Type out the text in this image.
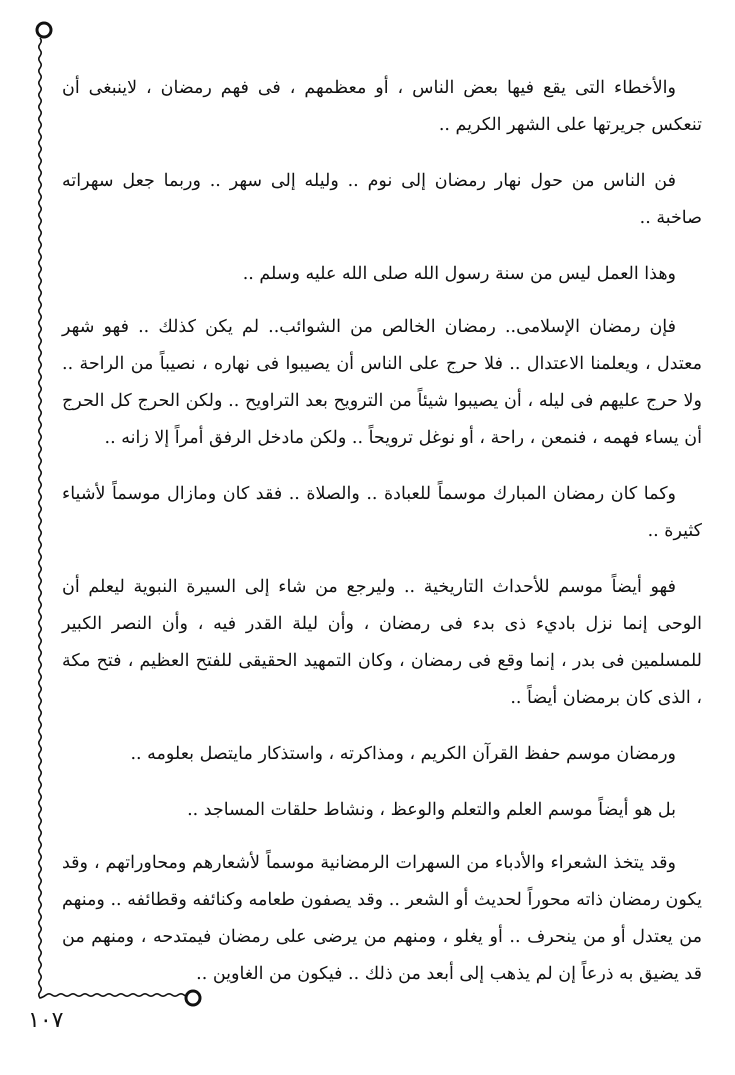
والأخطاء التى يقع فيها بعض الناس ، أو معظمهم ، فى فهم رمضان ، لاينبغى أن تنعكس جريرتها على الشهر الكريم ..

فن الناس من حول نهار رمضان إلى نوم .. وليله إلى سهر .. وربما جعل سهراته صاخبة ..

وهذا العمل ليس من سنة رسول الله صلى الله عليه وسلم ..

فإن رمضان الإسلامى.. رمضان الخالص من الشوائب.. لم يكن كذلك .. فهو شهر معتدل ، ويعلمنا الاعتدال .. فلا حرج على الناس أن يصيبوا فى نهاره ، نصيباً من الراحة .. ولا حرج عليهم فى ليله ، أن يصيبوا شيئاً من الترويح بعد التراويح .. ولكن الحرج كل الحرج أن يساء فهمه ، فنمعن ، راحة ، أو نوغل ترويحاً .. ولكن مادخل الرفق أمراً إلا زانه ..

وكما كان رمضان المبارك موسماً للعبادة .. والصلاة .. فقد كان ومازال موسماً لأشياء كثيرة ..

فهو أيضاً موسم للأحداث التاريخية .. وليرجع من شاء إلى السيرة النبوية ليعلم أن الوحى إنما نزل باديء ذى بدء فى رمضان ، وأن ليلة القدر فيه ، وأن النصر الكبير للمسلمين فى بدر ، إنما وقع فى رمضان ، وكان التمهيد الحقيقى للفتح العظيم ، فتح مكة ، الذى كان برمضان أيضاً ..

ورمضان موسم حفظ القرآن الكريم ، ومذاكرته ، واستذكار مايتصل بعلومه ..

بل هو أيضاً موسم العلم والتعلم والوعظ ، ونشاط حلقات المساجد ..

وقد يتخذ الشعراء والأدباء من السهرات الرمضانية موسماً لأشعارهم ومحاوراتهم ، وقد يكون رمضان ذاته محوراً لحديث أو الشعر .. وقد يصفون طعامه وكنائفه وقطائفه .. ومنهم من يعتدل أو من ينحرف .. أو يغلو ، ومنهم من يرضى على رمضان فيمتدحه ، ومنهم من قد يضيق به ذرعاً إن لم يذهب إلى أبعد من ذلك .. فيكون من الغاوين ..

١٠٧
